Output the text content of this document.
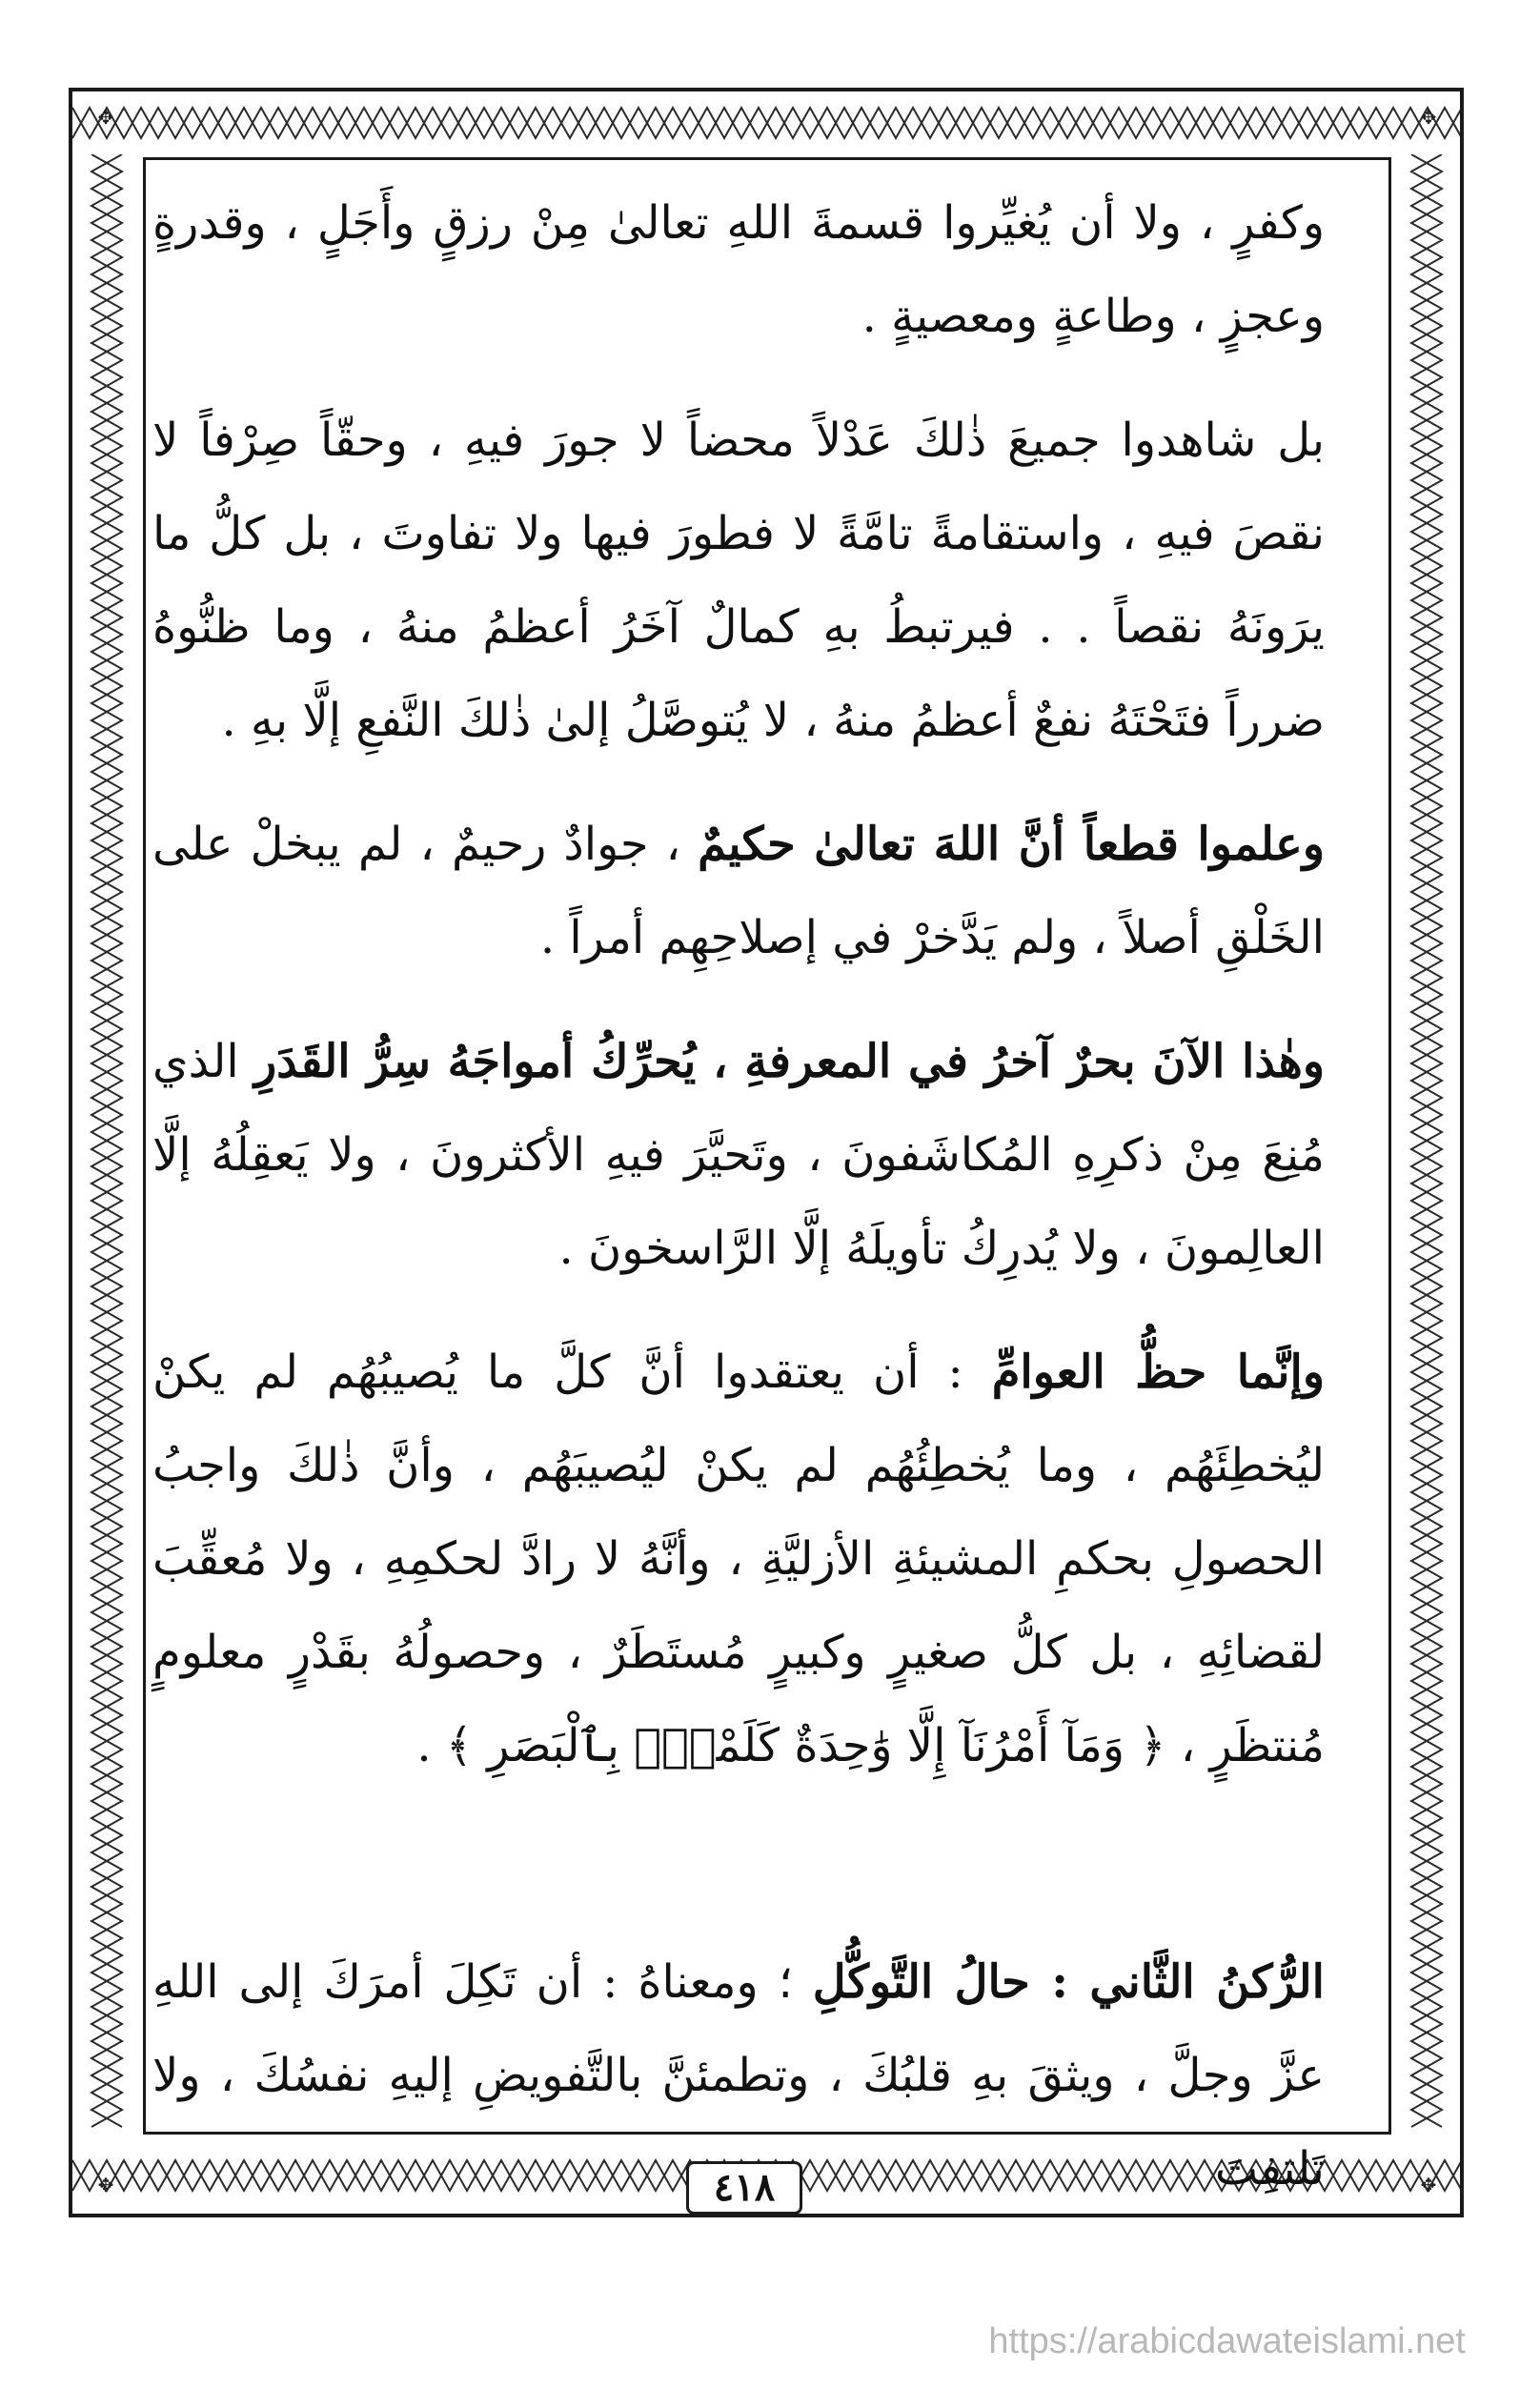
✥	✥
✥	✥

وكفرٍ ، ولا أن يُغيِّروا قسمةَ اللهِ تعالىٰ مِنْ رزقٍ وأَجَلٍ ، وقدرةٍ وعجزٍ ، وطاعةٍ ومعصيةٍ .

بل شاهدوا جميعَ ذٰلكَ عَدْلاً محضاً لا جورَ فيهِ ، وحقّاً صِرْفاً لا نقصَ فيهِ ، واستقامةً تامَّةً لا فطورَ فيها ولا تفاوتَ ، بل كلُّ ما يرَونَهُ نقصاً . . فيرتبطُ بهِ كمالٌ آخَرُ أعظمُ منهُ ، وما ظنُّوهُ ضرراً فتَحْتَهُ نفعٌ أعظمُ منهُ ، لا يُتوصَّلُ إلىٰ ذٰلكَ النَّفعِ إلَّا بهِ .

وعلموا قطعاً أنَّ اللهَ تعالىٰ حكيمٌ ، جوادٌ رحيمٌ ، لم يبخلْ على الخَلْقِ أصلاً ، ولم يَدَّخرْ في إصلاحِهِم أمراً .

وهٰذا الآنَ بحرٌ آخرُ في المعرفةِ ، يُحرِّكُ أمواجَهُ سِرُّ القَدَرِ الذي مُنِعَ مِنْ ذكرِهِ المُكاشَفونَ ، وتَحيَّرَ فيهِ الأكثرونَ ، ولا يَعقِلُهُ إلَّا العالِمونَ ، ولا يُدرِكُ تأويلَهُ إلَّا الرَّاسخونَ .

وإنَّما حظُّ العوامِّ : أن يعتقدوا أنَّ كلَّ ما يُصيبُهُم لم يكنْ ليُخطِئَهُم ، وما يُخطِئُهُم لم يكنْ ليُصيبَهُم ، وأنَّ ذٰلكَ واجبُ الحصولِ بحكمِ المشيئةِ الأزليَّةِ ، وأنَّهُ لا رادَّ لحكمِهِ ، ولا مُعقِّبَ لقضائِهِ ، بل كلُّ صغيرٍ وكبيرٍ مُستَطَرٌ ، وحصولُهُ بقَدْرٍ معلومٍ مُنتظَرٍ ، ﴿ وَمَآ أَمْرُنَآ إِلَّا وَٰحِدَةٌ كَلَمْحٍۭ بِٱلْبَصَرِ ﴾ .

الرُّكنُ الثَّاني : حالُ التَّوكُّلِ ؛ ومعناهُ : أن تَكِلَ أمرَكَ إلى اللهِ عزَّ وجلَّ ، ويثقَ بهِ قلبُكَ ، وتطمئنَّ بالتَّفويضِ إليهِ نفسُكَ ، ولا تَلتفِتَ

٤١٨
https://arabicdawateislami.net
